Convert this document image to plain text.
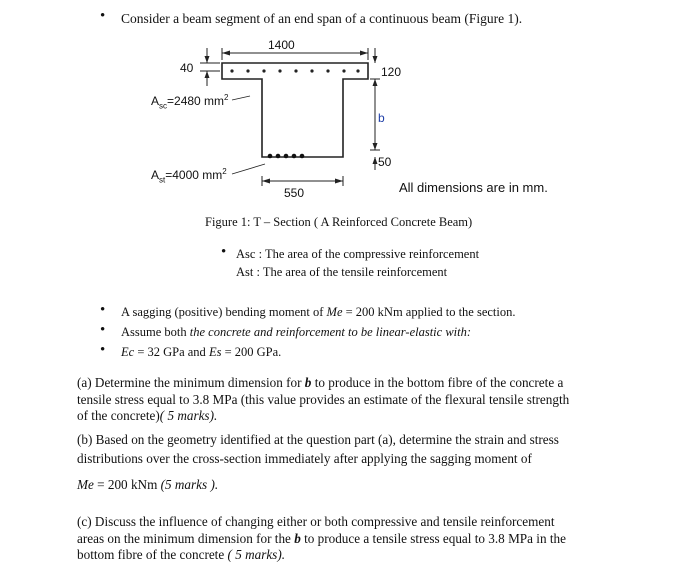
• Consider a beam segment of an end span of a continuous beam (Figure 1).
1400
40	120
b
50
550
$A_{sc}=2480$ $mm^2$
$A_{st}=4000$ $mm^2$
All dimensions are in mm.
Figure 1: T – Section ( A Reinforced Concrete Beam)
• Asc : The area of the compressive reinforcement
Ast : The area of the tensile reinforcement
• A sagging (positive) bending moment of Me = 200 kNm applied to the section.
• Assume both the concrete and reinforcement to be linear-elastic with:
• Ec = 32 GPa and Es = 200 GPa.
(a) Determine the minimum dimension for b to produce in the bottom fibre of the concrete a
tensile stress equal to 3.8 MPa (this value provides an estimate of the flexural tensile strength
of the concrete)( 5 marks).
(b) Based on the geometry identified at the question part (a), determine the strain and stress
distributions over the cross-section immediately after applying the sagging moment of
Me = 200 kNm (5 marks ).
(c) Discuss the influence of changing either or both compressive and tensile reinforcement
areas on the minimum dimension for the b to produce a tensile stress equal to 3.8 MPa in the
bottom fibre of the concrete ( 5 marks).
